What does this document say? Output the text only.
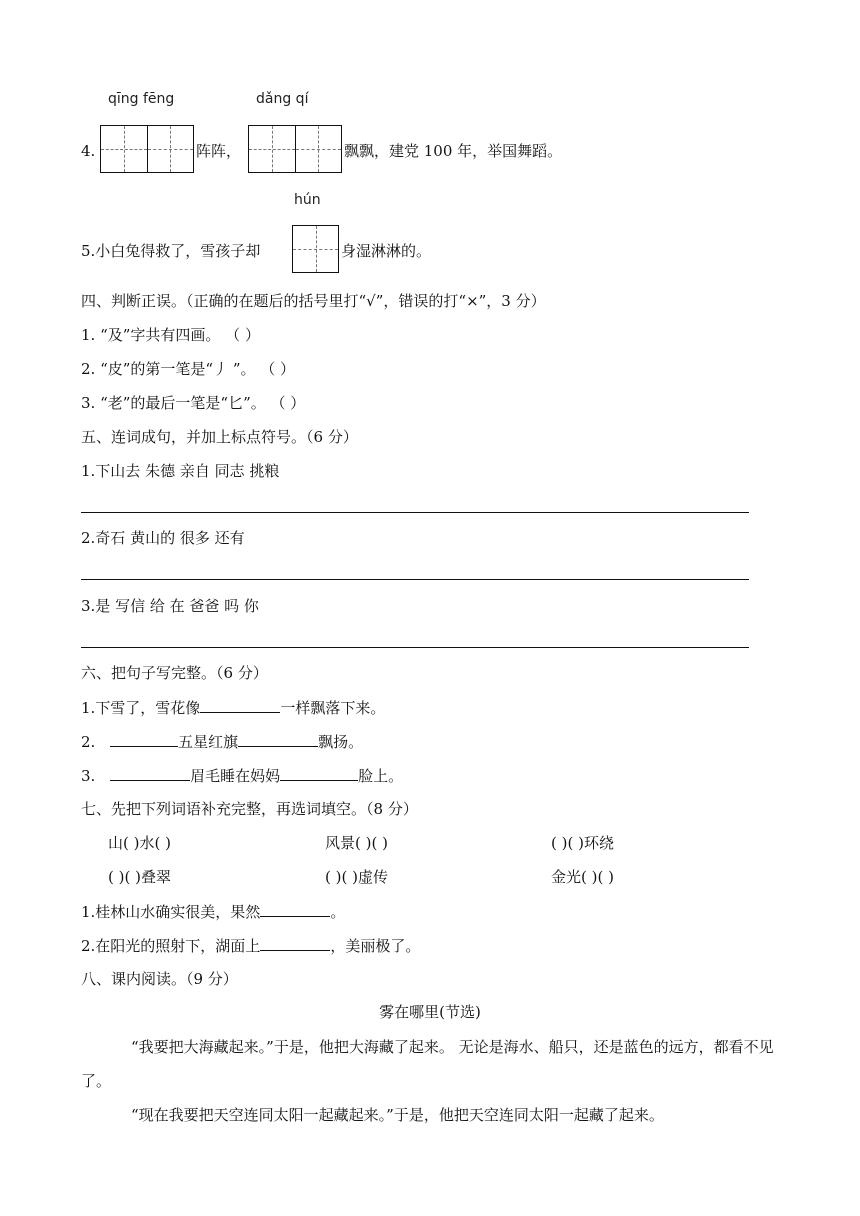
qīng fēng	dǎng qí
4.	阵阵，	飘飘，建党 100 年，举国舞蹈。
hún
5.小白兔得救了，雪孩子却	身湿淋淋的。
四、判断正误。（正确的在题后的括号里打“√”，错误的打“×”，3 分）
1. “及”字共有四画。 （ ）
2. “皮”的第一笔是“丿 ”。 （ ）
3. “老”的最后一笔是“匕”。 （ ）
五、连词成句，并加上标点符号。（6 分）
1.下山去 朱德 亲自 同志 挑粮
2.奇石 黄山的 很多 还有
3.是 写信 给 在 爸爸 吗 你
六、把句子写完整。（6 分）
1.下雪了，雪花像	一样飘落下来。
2.	五星红旗	飘扬。
3.	眉毛睡在妈妈	脸上。
七、先把下列词语补充完整，再选词填空。（8 分）
山( )水( )	风景( )( )	( )( )环绕
( )( )叠翠	( )( )虚传	金光( )( )
1.桂林山水确实很美，果然	。
2.在阳光的照射下，湖面上	，美丽极了。
八、课内阅读。（9 分）
雾在哪里(节选)
“我要把大海藏起来。”于是，他把大海藏了起来。 无论是海水、船只，还是蓝色的远方，都看不见了。
“现在我要把天空连同太阳一起藏起来。”于是，他把天空连同太阳一起藏了起来。
